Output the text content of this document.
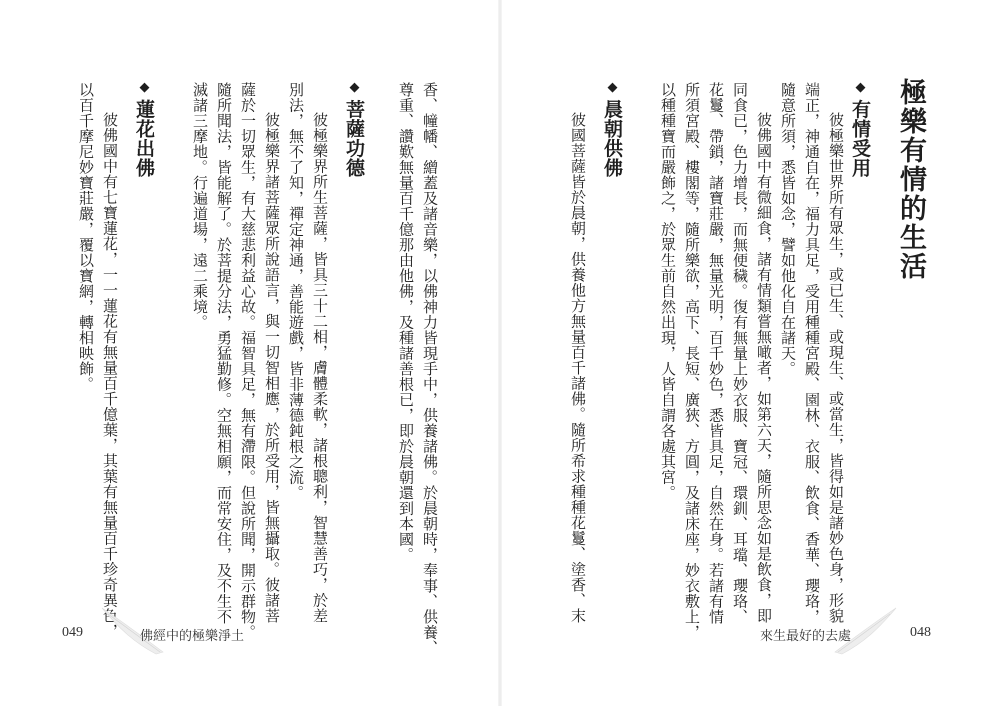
極樂有情的生活
◆有情受用
彼極樂世界所有眾生，或已生、或現生、或當生，皆得如是諸妙色身，形貌
端正，神通自在，福力具足，受用種種宮殿、園林、衣服、飲食、香華、瓔珞，
隨意所須，悉皆如念，譬如他化自在諸天。
彼佛國中有微細食，諸有情類嘗無噉者，如第六天，隨所思念如是飲食，即
同食已，色力增長，而無便穢。復有無量上妙衣服、寶冠、環釧、耳璫、瓔珞、
花鬘、帶鎖，諸寶莊嚴，無量光明，百千妙色，悉皆具足，自然在身。若諸有情
所須宮殿、樓閣等，隨所樂欲，高下、長短、廣狹、方圓，及諸床座，妙衣敷上，
以種種寶而嚴飾之，於眾生前自然出現，人皆自謂各處其宮。
◆晨朝供佛
彼國菩薩皆於晨朝，供養他方無量百千諸佛。隨所希求種種花鬘、塗香、末
來生最好的去處	048
香、幢幡、繒蓋及諸音樂，以佛神力皆現手中，供養諸佛。於晨朝時，奉事、供養、
尊重、讚歎無量百千億那由他佛，及種諸善根已，即於晨朝還到本國。
◆菩薩功德
彼極樂界所生菩薩，皆具三十二相，膚體柔軟，諸根聰利，智慧善巧，於差
別法，無不了知，禪定神通，善能遊戲，皆非薄德鈍根之流。
彼極樂界諸菩薩眾所說語言，與一切智相應，於所受用，皆無攝取。彼諸菩
薩於一切眾生，有大慈悲利益心故。福智具足，無有滯限。但說所聞，開示群物。
隨所聞法，皆能解了。於菩提分法，勇猛勤修。空無相願，而常安住，及不生不
滅諸三摩地。行遍道場，遠二乘境。
◆蓮花出佛
彼佛國中有七寶蓮花，一一蓮花有無量百千億葉，其葉有無量百千珍奇異色，
以百千摩尼妙寶莊嚴，覆以寶網，轉相映飾。
049	佛經中的極樂淨土
